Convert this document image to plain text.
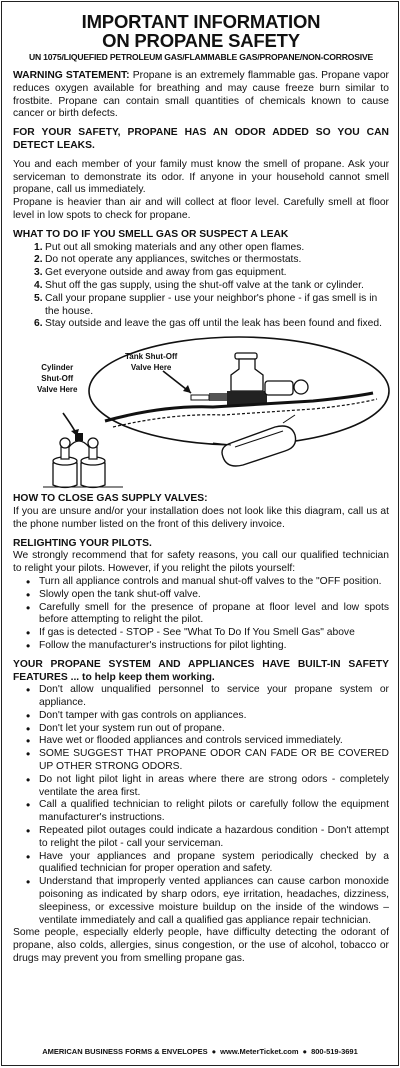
IMPORTANT INFORMATION
ON PROPANE SAFETY
UN 1075/LIQUEFIED PETROLEUM GAS/FLAMMABLE GAS/PROPANE/NON-CORROSIVE

WARNING STATEMENT: Propane is an extremely flammable gas. Propane vapor reduces oxygen available for breathing and may cause freeze burn similar to frostbite. Propane can contain small quantities of chemicals known to cause cancer or birth defects.

FOR YOUR SAFETY, PROPANE HAS AN ODOR ADDED SO YOU CAN DETECT LEAKS.

You and each member of your family must know the smell of propane. Ask your serviceman to demonstrate its odor. If anyone in your household cannot smell propane, call us immediately.

Propane is heavier than air and will collect at floor level. Carefully smell at floor level in low spots to check for propane.

WHAT TO DO IF YOU SMELL GAS OR SUSPECT A LEAK

1. Put out all smoking materials and any other open flames.
2. Do not operate any appliances, switches or thermostats.
3. Get everyone outside and away from gas equipment.
4. Shut off the gas supply, using the shut-off valve at the tank or cylinder.
5. Call your propane supplier - use your neighbor's phone - if gas smell is in the house.
6. Stay outside and leave the gas off until the leak has been found and fixed.
Cylinder
Shut-Off
Valve Here
Tank Shut-Off
Valve Here

HOW TO CLOSE GAS SUPPLY VALVES:

If you are unsure and/or your installation does not look like this diagram, call us at the phone number listed on the front of this delivery invoice.

RELIGHTING YOUR PILOTS.

We strongly recommend that for safety reasons, you call our qualified technician to relight your pilots. However, if you relight the pilots yourself:

• Turn all appliance controls and manual shut-off valves to the "OFF position.
• Slowly open the tank shut-off valve.
• Carefully smell for the presence of propane at floor level and low spots before attempting to relight the pilot.
• If gas is detected - STOP - See "What To Do If You Smell Gas" above
• Follow the manufacturer's instructions for pilot lighting.

YOUR PROPANE SYSTEM AND APPLIANCES HAVE BUILT-IN SAFETY FEATURES ... to help keep them working.

• Don't allow unqualified personnel to service your propane system or appliance.
• Don't tamper with gas controls on appliances.
• Don't let your system run out of propane.
• Have wet or flooded appliances and controls serviced immediately.
• SOME SUGGEST THAT PROPANE ODOR CAN FADE OR BE COVERED UP OTHER STRONG ODORS.
• Do not light pilot light in areas where there are strong odors - completely ventilate the area first.
• Call a qualified technician to relight pilots or carefully follow the equipment manufacturer's instructions.
• Repeated pilot outages could indicate a hazardous condition - Don't attempt to relight the pilot - call your serviceman.
• Have your appliances and propane system periodically checked by a qualified technician for proper operation and safety.
• Understand that improperly vented appliances can cause carbon monoxide poisoning as indicated by sharp odors, eye irritation, headaches, dizziness, sleepiness, or excessive moisture buildup on the inside of the windows – ventilate immediately and call a qualified gas appliance repair technician.

Some people, especially elderly people, have difficulty detecting the odorant of propane, also colds, allergies, sinus congestion, or the use of alcohol, tobacco or drugs may prevent you from smelling propane gas.

AMERICAN BUSINESS FORMS & ENVELOPES ● www.MeterTicket.com ● 800-519-3691
